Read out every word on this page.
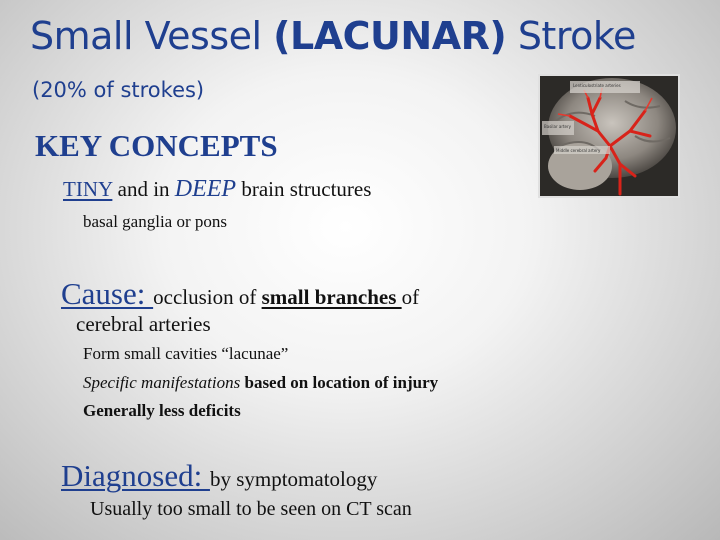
Small Vessel (LACUNAR) Stroke
(20% of strokes)	Lenticulostriate arteries
Basilar artery
Middle cerebral artery
KEY CONCEPTS
TINY and in DEEP brain structures
basal ganglia or pons
Cause: occlusion of small branches of
cerebral arteries
Form small cavities “lacunae”
Specific manifestations based on location of injury
Generally less deficits
Diagnosed: by symptomatology
Usually too small to be seen on CT scan
